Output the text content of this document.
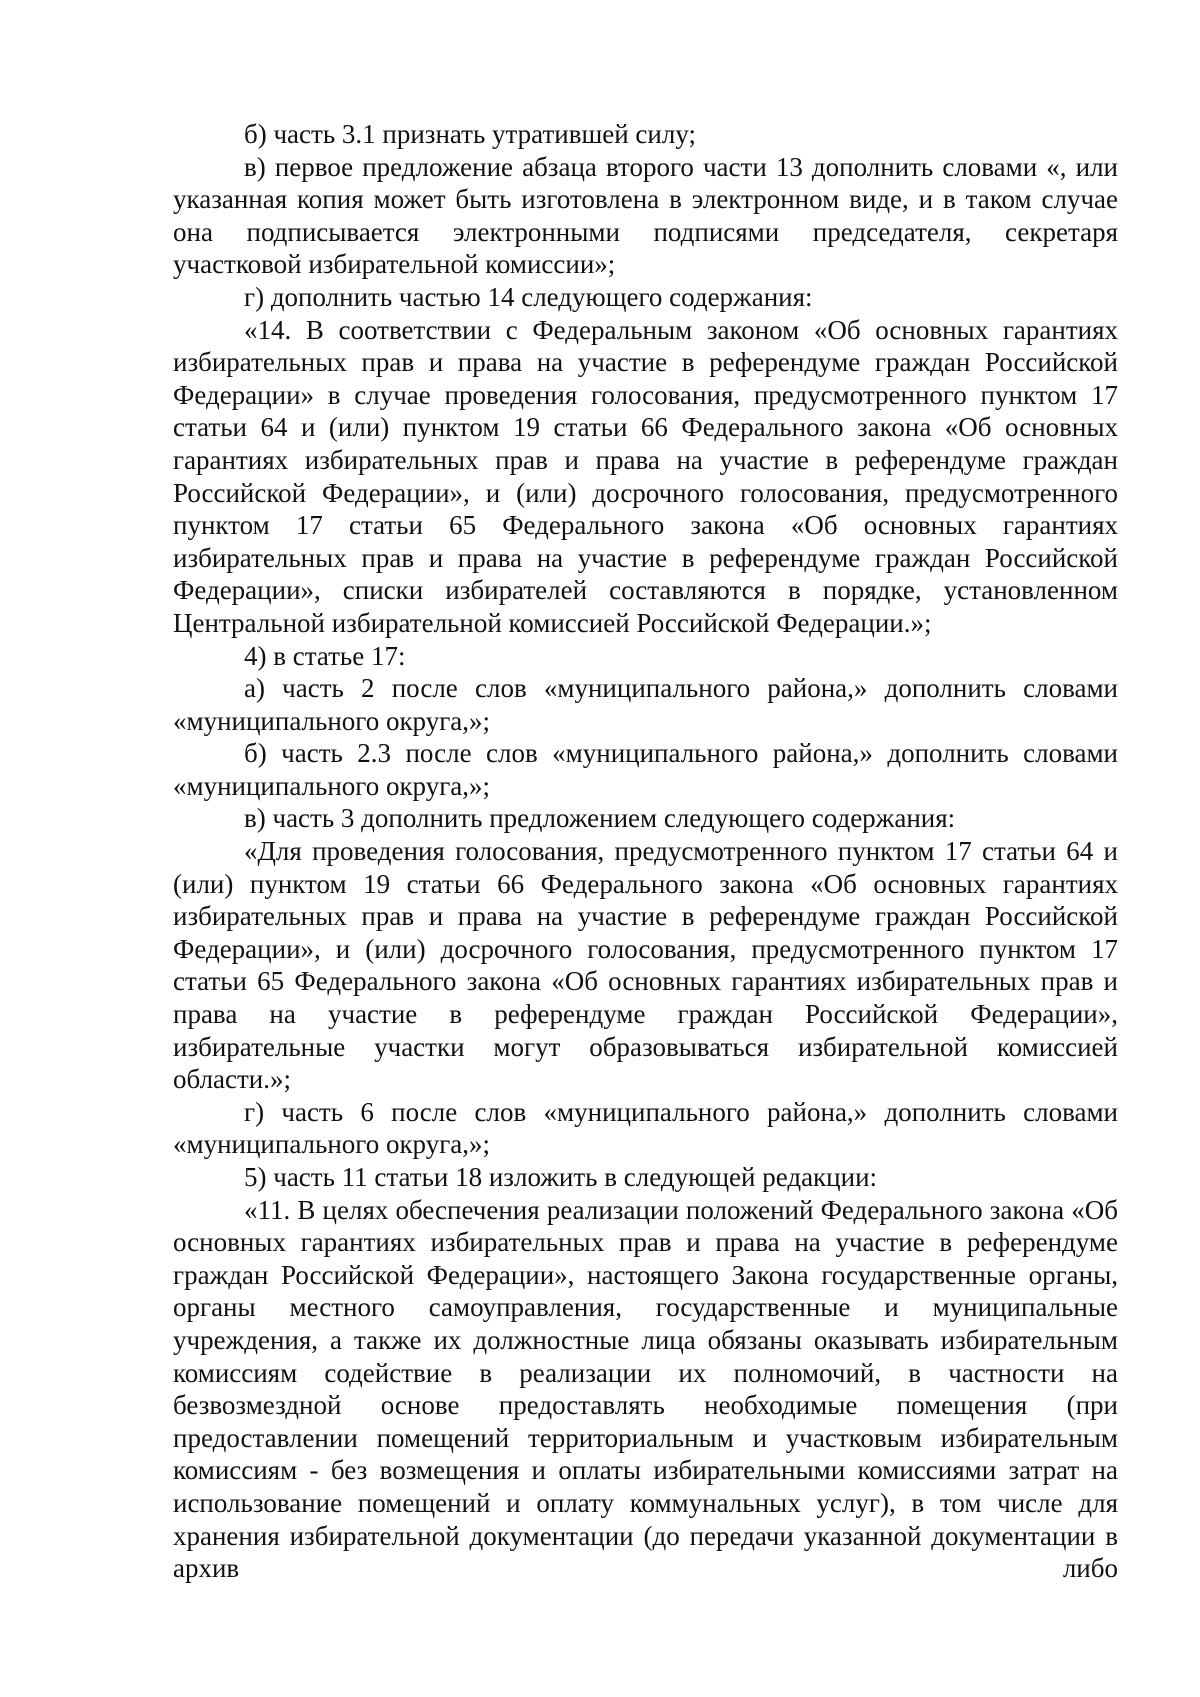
б) часть 3.1 признать утратившей силу;

в) первое предложение абзаца второго части 13 дополнить словами «, или указанная копия может быть изготовлена в электронном виде, и в таком случае она подписывается электронными подписями председателя, секретаря участковой избирательной комиссии»;

г) дополнить частью 14 следующего содержания:

«14. В соответствии с Федеральным законом «Об основных гарантиях избирательных прав и права на участие в референдуме граждан Российской Федерации» в случае проведения голосования, предусмотренного пунктом 17 статьи 64 и (или) пунктом 19 статьи 66 Федерального закона «Об основных гарантиях избирательных прав и права на участие в референдуме граждан Российской Федерации», и (или) досрочного голосования, предусмотренного пунктом 17 статьи 65 Федерального закона «Об основных гарантиях избирательных прав и права на участие в референдуме граждан Российской Федерации», списки избирателей составляются в порядке, установленном Центральной избирательной комиссией Российской Федерации.»;

4) в статье 17:

а) часть 2 после слов «муниципального района,» дополнить словами «муниципального округа,»;

б) часть 2.3 после слов «муниципального района,» дополнить словами «муниципального округа,»;

в) часть 3 дополнить предложением следующего содержания:

«Для проведения голосования, предусмотренного пунктом 17 статьи 64 и (или) пунктом 19 статьи 66 Федерального закона «Об основных гарантиях избирательных прав и права на участие в референдуме граждан Российской Федерации», и (или) досрочного голосования, предусмотренного пунктом 17 статьи 65 Федерального закона «Об основных гарантиях избирательных прав и права на участие в референдуме граждан Российской Федерации», избирательные участки могут образовываться избирательной комиссией области.»;

г) часть 6 после слов «муниципального района,» дополнить словами «муниципального округа,»;

5) часть 11 статьи 18 изложить в следующей редакции:

«11. В целях обеспечения реализации положений Федерального закона «Об основных гарантиях избирательных прав и права на участие в референдуме граждан Российской Федерации», настоящего Закона государственные органы, органы местного самоуправления, государственные и муниципальные учреждения, а также их должностные лица обязаны оказывать избирательным комиссиям содействие в реализации их полномочий, в частности на безвозмездной основе предоставлять необходимые помещения (при предоставлении помещений территориальным и участковым избирательным комиссиям - без возмещения и оплаты избирательными комиссиями затрат на использование помещений и оплату коммунальных услуг), в том числе для хранения избирательной документации (до передачи указанной документации в архив либо
